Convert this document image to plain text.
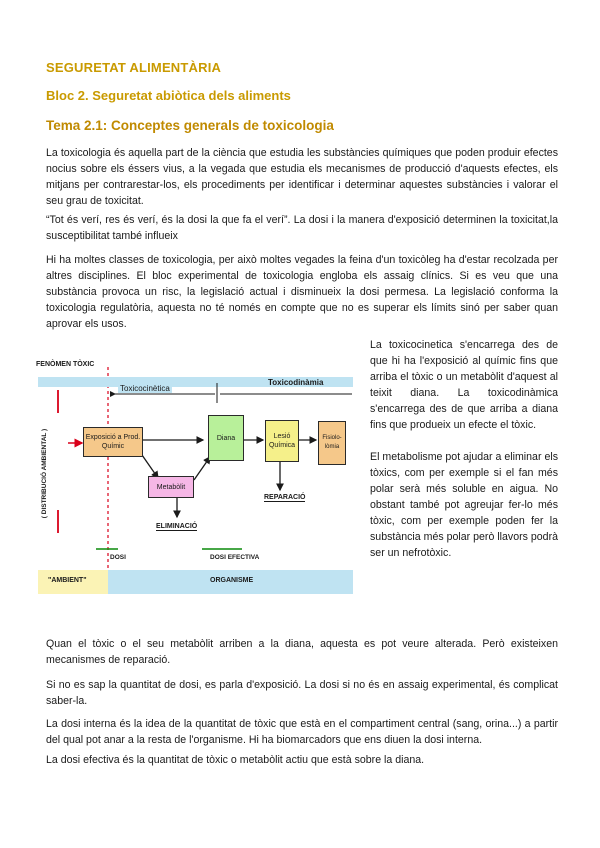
SEGURETAT ALIMENTÀRIA
Bloc 2. Seguretat abiòtica dels aliments
Tema 2.1: Conceptes generals de toxicologia

La toxicologia és aquella part de la ciència que estudia les substàncies químiques que poden produir efectes nocius sobre els éssers vius, a la vegada que estudia els mecanismes de producció d'aquests efectes, els mitjans per contrarestar-los, els procediments per identificar i determinar aquestes substàncies i valorar el seu grau de toxicitat.

“Tot és verí, res és verí, és la dosi la que fa el verí”. La dosi i la manera d'exposició determinen la toxicitat,la susceptibilitat també influeix

Hi ha moltes classes de toxicologia, per això moltes vegades la feina d'un toxicòleg ha d'estar recolzada per altres disciplines. El bloc experimental de toxicologia engloba els assaig clínics. Si es veu que una substància provoca un risc, la legislació actual i disminueix la dosi permesa. La legislació conforma la toxicologia regulatòria, aquesta no té només en compte que no es superar els límits sinó per saber quan aprovar els usos.

La toxicocinetica s'encarrega des de que hi ha l'exposició al químic fins que arriba el tòxic o un metabòlit d'aquest al teixit diana. La toxicodinàmica s'encarrega des de que arriba a diana fins que produeix un efecte el tòxic.

El metabolisme pot ajudar a eliminar els tòxics, com per exemple si el fan més polar serà més soluble en aigua. No obstant també pot agreujar fer-lo més tòxic, com per exemple poden fer la substància més polar però llavors podrà ser un nefrotòxic.

Quan el tòxic o el seu metabòlit arriben a la diana, aquesta es pot veure alterada. Però existeixen mecanismes de reparació.

Si no es sap la quantitat de dosi, es parla d'exposició. La dosi si no és en assaig experimental, és complicat saber-la.

La dosi interna és la idea de la quantitat de tòxic que està en el compartiment central (sang, orina...) a partir del qual pot anar a la resta de l'organisme. Hi ha biomarcadors que ens diuen la dosi interna.

La dosi efectiva és la quantitat de tòxic o metabòlit actiu que està sobre la diana.

FENÒMEN TÒXIC
Toxicocinètica
Toxicodinàmia
( DISTRIBUCIÓ AMBIENTAL )	Exposició a Prod. Químic
Metabòlit
Diana	Lesió Química
Fisiolo-lòmia
ELIMINACIÓ
REPARACIÓ
DOSI	DOSI EFECTIVA
"AMBIENT"	ORGANISME
